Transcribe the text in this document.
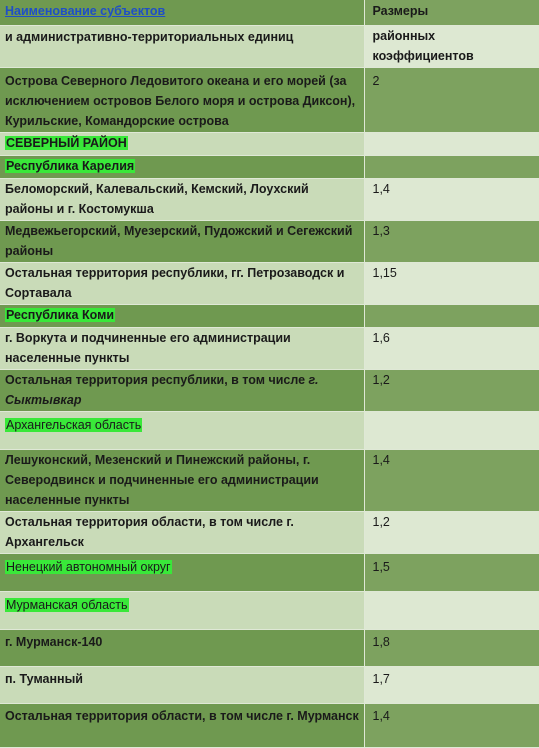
Наименование субъектов	Размеры

и административно-территориальных единиц	районных
коэффициентов

Острова Северного Ледовитого океана и его морей (за исключением островов Белого моря и острова Диксон), Курильские, Командорские острова	2
СЕВЕРНЫЙ РАЙОН	
Республика Карелия	
Беломорский, Калевальский, Кемский, Лоухский районы и г. Костомукша	1,4
Медвежьегорский, Муезерский, Пудожский и Сегежский районы	1,3
Остальная территория республики, гг. Петрозаводск и Сортавала	1,15
Республика Коми	
г. Воркута и подчиненные его администрации населенные пункты	1,6
Остальная территория республики, в том числе г. Сыктывкар	1,2
Архангельская область	
Лешуконский, Мезенский и Пинежский районы, г. Северодвинск и подчиненные его администрации населенные пункты	1,4
Остальная территория области, в том числе г. Архангельск	1,2
Ненецкий автономный округ	1,5
Мурманская область	
г. Мурманск-140	1,8
п. Туманный	1,7
Остальная территория области, в том числе г. Мурманск	1,4
